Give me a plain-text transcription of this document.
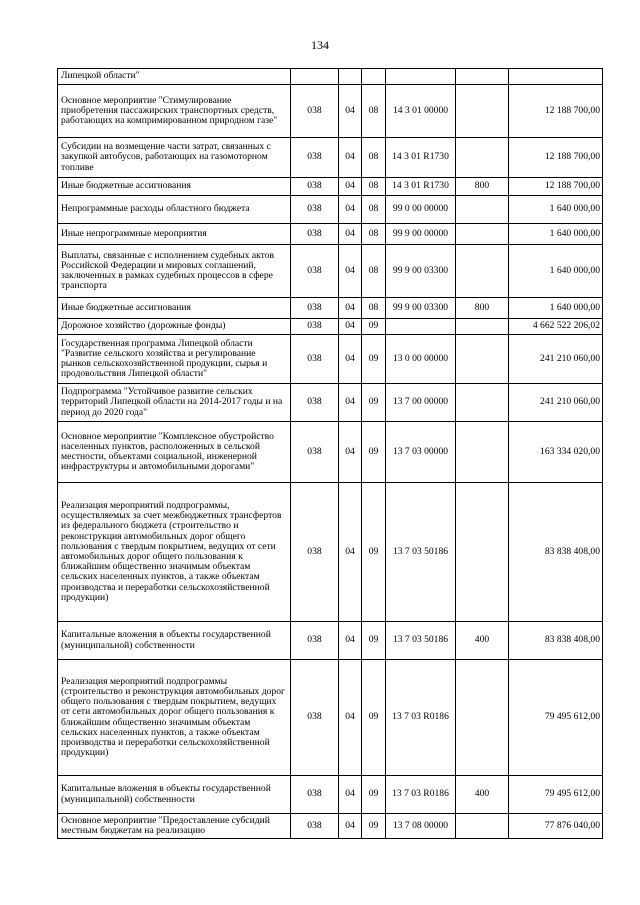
134
Липецкой области"						
Основное мероприятие "Стимулирование приобретения пассажирских транспортных средств, работающих на компримированном природном газе"	038	04	08	14 3 01 00000		12 188 700,00
Субсидии на возмещение части затрат, связанных с закупкой автобусов, работающих на газомоторном топливе	038	04	08	14 3 01 R1730		12 188 700,00
Иные бюджетные ассигнования	038	04	08	14 3 01 R1730	800	12 188 700,00
Непрограммные расходы областного бюджета	038	04	08	99 0 00 00000		1 640 000,00
Иные непрограммные мероприятия	038	04	08	99 9 00 00000		1 640 000,00
Выплаты, связанные с исполнением судебных актов Российской Федерации и мировых соглашений, заключенных в рамках судебных процессов в сфере транспорта	038	04	08	99 9 00 03300		1 640 000,00
Иные бюджетные ассигнования	038	04	08	99 9 00 03300	800	1 640 000,00
Дорожное хозяйство (дорожные фонды)	038	04	09			4 662 522 206,02
Государственная программа Липецкой области "Развитие сельского хозяйства и регулирование рынков сельскохозяйственной продукции, сырья и продовольствия Липецкой области"	038	04	09	13 0 00 00000		241 210 060,00
Подпрограмма "Устойчивое развитие сельских территорий Липецкой области на 2014-2017 годы и на период до 2020 года"	038	04	09	13 7 00 00000		241 210 060,00
Основное мероприятие "Комплексное обустройство населенных пунктов, расположенных в сельской местности, объектами социальной, инженерной инфраструктуры и автомобильными дорогами"	038	04	09	13 7 03 00000		163 334 020,00
Реализация мероприятий подпрограммы, осуществляемых за счет межбюджетных трансфертов из федерального бюджета (строительство и реконструкция автомобильных дорог общего пользования с твердым покрытием, ведущих от сети автомобильных дорог общего пользования к ближайшим общественно значимым объектам сельских населенных пунктов, а также объектам производства и переработки сельскохозяйственной продукции)	038	04	09	13 7 03 50186		83 838 408,00
Капитальные вложения в объекты государственной (муниципальной) собственности	038	04	09	13 7 03 50186	400	83 838 408,00
Реализация мероприятий подпрограммы (строительство и реконструкция автомобильных дорог общего пользования с твердым покрытием, ведущих от сети автомобильных дорог общего пользования к ближайшим общественно значимым объектам сельских населенных пунктов, а также объектам производства и переработки сельскохозяйственной продукции)	038	04	09	13 7 03 R0186		79 495 612,00
Капитальные вложения в объекты государственной (муниципальной) собственности	038	04	09	13 7 03 R0186	400	79 495 612,00
Основное мероприятие "Предоставление субсидий местным бюджетам на реализацию	038	04	09	13 7 08 00000		77 876 040,00
